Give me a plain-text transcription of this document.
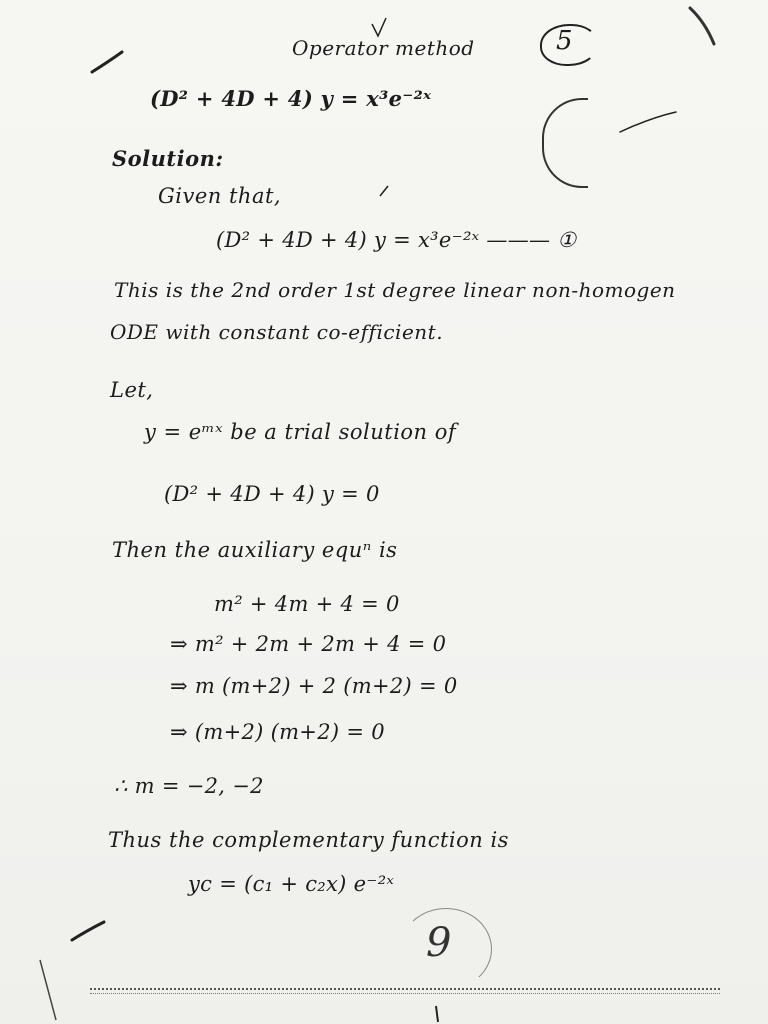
Operator method	5
(D² + 4D + 4) y = x³e⁻²ˣ
Solution:
Given that,
(D² + 4D + 4) y = x³e⁻²ˣ ——— ①
This is the 2nd order 1st degree linear non-homogen
ODE with constant co-efficient.
Let,
y = eᵐˣ be a trial solution of
(D² + 4D + 4) y = 0
Then the auxiliary equⁿ is
m² + 4m + 4 = 0
⇒ m² + 2m + 2m + 4 = 0
⇒ m (m+2) + 2 (m+2) = 0
⇒ (m+2) (m+2) = 0
∴ m = −2, −2
Thus the complementary function is
yc = (c₁ + c₂x) e⁻²ˣ
9
